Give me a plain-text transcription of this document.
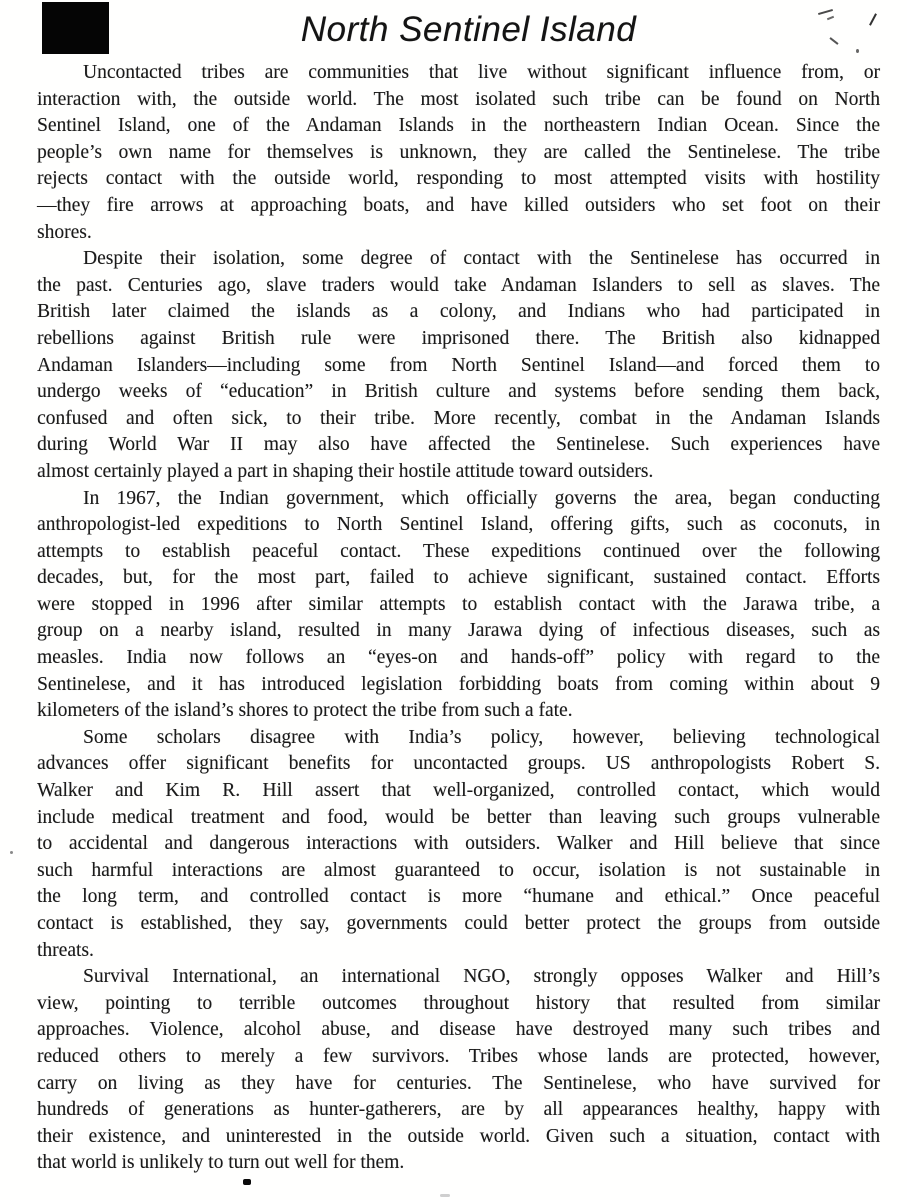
North Sentinel Island
Uncontacted tribes are communities that live without significant influence from, or
interaction with, the outside world. The most isolated such tribe can be found on North
Sentinel Island, one of the Andaman Islands in the northeastern Indian Ocean. Since the
people’s own name for themselves is unknown, they are called the Sentinelese. The tribe
rejects contact with the outside world, responding to most attempted visits with hostility
—they fire arrows at approaching boats, and have killed outsiders who set foot on their
shores.
Despite their isolation, some degree of contact with the Sentinelese has occurred in
the past. Centuries ago, slave traders would take Andaman Islanders to sell as slaves. The
British later claimed the islands as a colony, and Indians who had participated in
rebellions against British rule were imprisoned there. The British also kidnapped
Andaman Islanders—including some from North Sentinel Island—and forced them to
undergo weeks of “education” in British culture and systems before sending them back,
confused and often sick, to their tribe. More recently, combat in the Andaman Islands
during World War II may also have affected the Sentinelese. Such experiences have
almost certainly played a part in shaping their hostile attitude toward outsiders.
In 1967, the Indian government, which officially governs the area, began conducting
anthropologist-led expeditions to North Sentinel Island, offering gifts, such as coconuts, in
attempts to establish peaceful contact. These expeditions continued over the following
decades, but, for the most part, failed to achieve significant, sustained contact. Efforts
were stopped in 1996 after similar attempts to establish contact with the Jarawa tribe, a
group on a nearby island, resulted in many Jarawa dying of infectious diseases, such as
measles. India now follows an “eyes-on and hands-off” policy with regard to the
Sentinelese, and it has introduced legislation forbidding boats from coming within about 9
kilometers of the island’s shores to protect the tribe from such a fate.
Some scholars disagree with India’s policy, however, believing technological
advances offer significant benefits for uncontacted groups. US anthropologists Robert S.
Walker and Kim R. Hill assert that well-organized, controlled contact, which would
include medical treatment and food, would be better than leaving such groups vulnerable
to accidental and dangerous interactions with outsiders. Walker and Hill believe that since
such harmful interactions are almost guaranteed to occur, isolation is not sustainable in
the long term, and controlled contact is more “humane and ethical.” Once peaceful
contact is established, they say, governments could better protect the groups from outside
threats.
Survival International, an international NGO, strongly opposes Walker and Hill’s
view, pointing to terrible outcomes throughout history that resulted from similar
approaches. Violence, alcohol abuse, and disease have destroyed many such tribes and
reduced others to merely a few survivors. Tribes whose lands are protected, however,
carry on living as they have for centuries. The Sentinelese, who have survived for
hundreds of generations as hunter-gatherers, are by all appearances healthy, happy with
their existence, and uninterested in the outside world. Given such a situation, contact with
that world is unlikely to turn out well for them.
